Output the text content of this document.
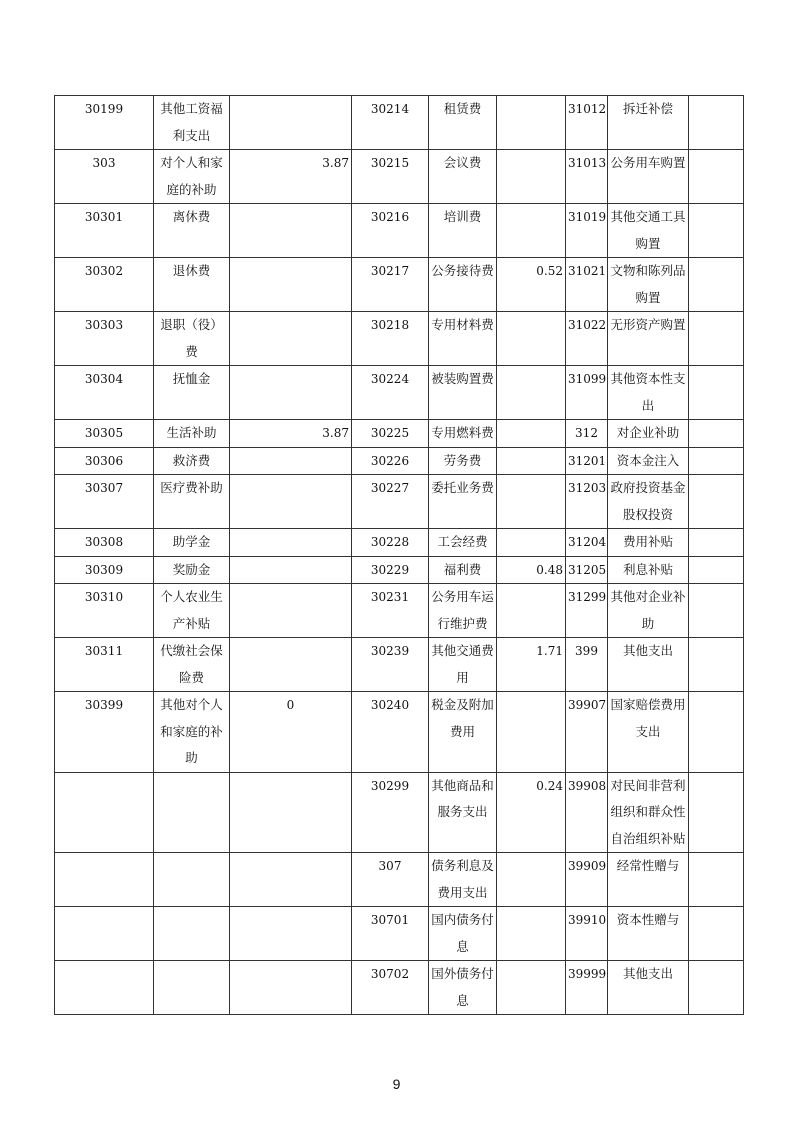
30199	其他工资福利支出		30214	租赁费		31012	拆迁补偿	
303	对个人和家庭的补助	3.87	30215	会议费		31013	公务用车购置	
30301	离休费		30216	培训费		31019	其他交通工具购置	
30302	退休费		30217	公务接待费	0.52	31021	文物和陈列品购置	
30303	退职（役）费		30218	专用材料费		31022	无形资产购置	
30304	抚恤金		30224	被装购置费		31099	其他资本性支出	
30305	生活补助	3.87	30225	专用燃料费		312	对企业补助	
30306	救济费		30226	劳务费		31201	资本金注入	
30307	医疗费补助		30227	委托业务费		31203	政府投资基金股权投资	
30308	助学金		30228	工会经费		31204	费用补贴	
30309	奖励金		30229	福利费	0.48	31205	利息补贴	
30310	个人农业生产补贴		30231	公务用车运行维护费		31299	其他对企业补助	
30311	代缴社会保险费		30239	其他交通费用	1.71	399	其他支出	
30399	其他对个人和家庭的补助	0	30240	税金及附加费用		39907	国家赔偿费用支出	
			30299	其他商品和服务支出	0.24	39908	对民间非营利组织和群众性自治组织补贴	
			307	债务利息及费用支出		39909	经常性赠与	
			30701	国内债务付息		39910	资本性赠与	
			30702	国外债务付息		39999	其他支出	
9
